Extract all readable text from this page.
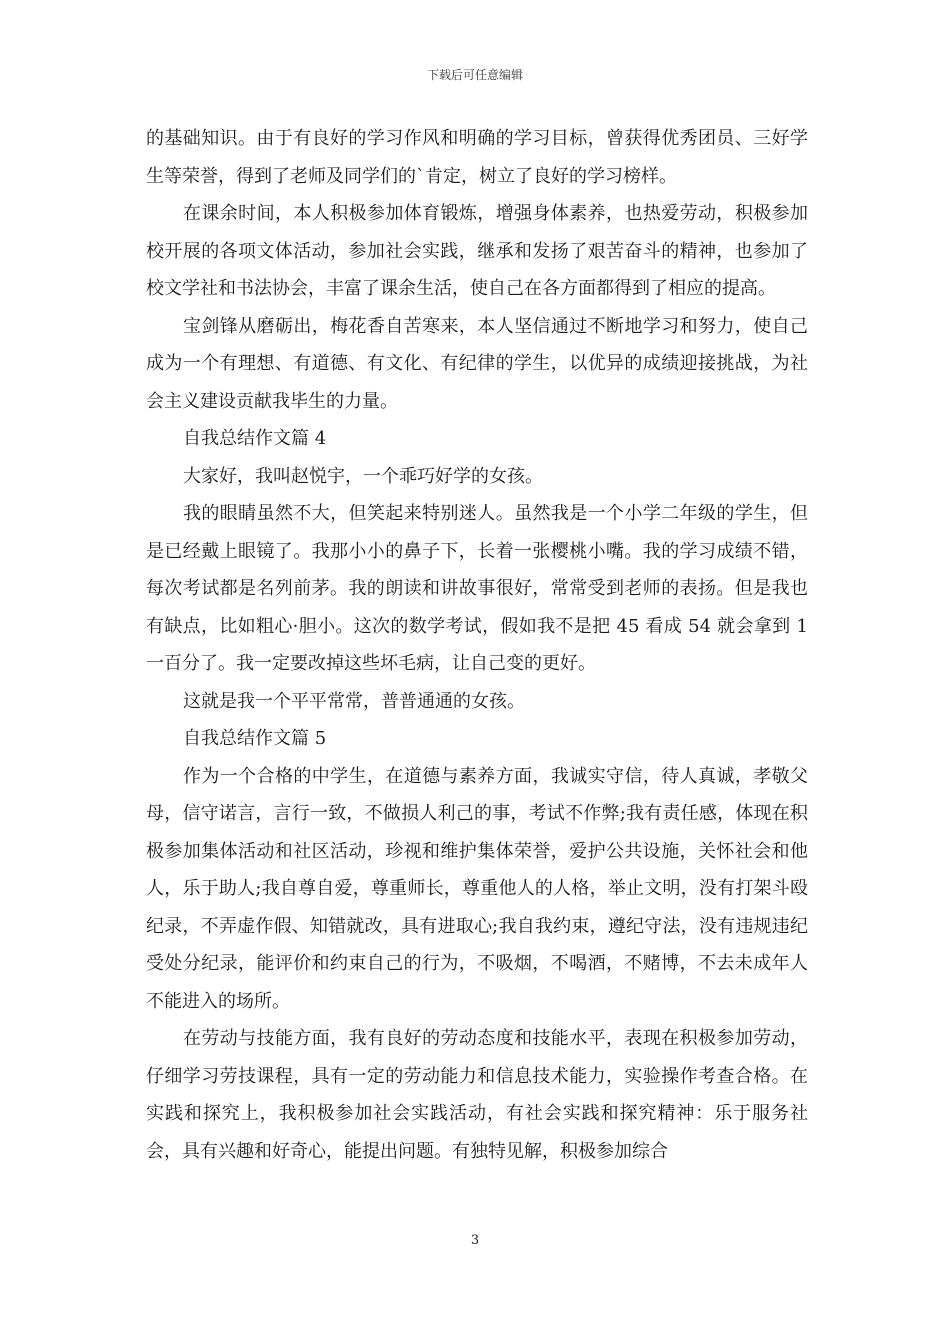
下载后可任意编辑

的基础知识。由于有良好的学习作风和明确的学习目标，曾获得优秀团员、三好学生等荣誉，得到了老师及同学们的`肯定，树立了良好的学习榜样。

在课余时间，本人积极参加体育锻炼，增强身体素养，也热爱劳动，积极参加校开展的各项文体活动，参加社会实践，继承和发扬了艰苦奋斗的精神，也参加了校文学社和书法协会，丰富了课余生活，使自己在各方面都得到了相应的提高。

宝剑锋从磨砺出，梅花香自苦寒来，本人坚信通过不断地学习和努力，使自己成为一个有理想、有道德、有文化、有纪律的学生，以优异的成绩迎接挑战，为社会主义建设贡献我毕生的力量。

自我总结作文篇 4

大家好，我叫赵悦宇，一个乖巧好学的女孩。

我的眼睛虽然不大，但笑起来特别迷人。虽然我是一个小学二年级的学生，但是已经戴上眼镜了。我那小小的鼻子下，长着一张樱桃小嘴。我的学习成绩不错，每次考试都是名列前茅。我的朗读和讲故事很好，常常受到老师的表扬。但是我也有缺点，比如粗心·胆小。这次的数学考试，假如我不是把 45 看成 54 就会拿到 1 一百分了。我一定要改掉这些坏毛病，让自己变的更好。

这就是我一个平平常常，普普通通的女孩。

自我总结作文篇 5

作为一个合格的中学生，在道德与素养方面，我诚实守信，待人真诚，孝敬父母，信守诺言，言行一致，不做损人利己的事，考试不作弊;我有责任感，体现在积极参加集体活动和社区活动，珍视和维护集体荣誉，爱护公共设施，关怀社会和他人，乐于助人;我自尊自爱，尊重师长，尊重他人的人格，举止文明，没有打架斗殴纪录，不弄虚作假、知错就改，具有进取心;我自我约束，遵纪守法，没有违规违纪受处分纪录，能评价和约束自己的行为，不吸烟，不喝酒，不赌博，不去未成年人不能进入的场所。

在劳动与技能方面，我有良好的劳动态度和技能水平，表现在积极参加劳动，仔细学习劳技课程，具有一定的劳动能力和信息技术能力，实验操作考查合格。在实践和探究上，我积极参加社会实践活动，有社会实践和探究精神：乐于服务社会，具有兴趣和好奇心，能提出问题。有独特见解，积极参加综合

3
